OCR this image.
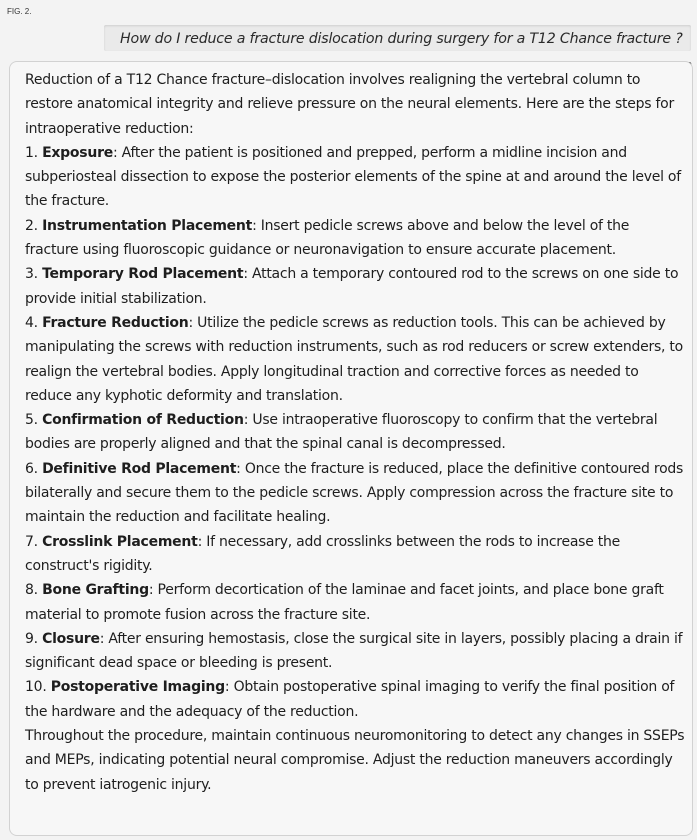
FIG. 2.
How do I reduce a fracture dislocation during surgery for a T12 Chance fracture ?

Reduction of a T12 Chance fracture–dislocation involves realigning the vertebral column to restore anatomical integrity and relieve pressure on the neural elements. Here are the steps for intraoperative reduction:

1. Exposure: After the patient is positioned and prepped, perform a midline incision and subperiosteal dissection to expose the posterior elements of the spine at and around the level of the fracture.

2. Instrumentation Placement: Insert pedicle screws above and below the level of the fracture using fluoroscopic guidance or neuronavigation to ensure accurate placement.

3. Temporary Rod Placement: Attach a temporary contoured rod to the screws on one side to provide initial stabilization.

4. Fracture Reduction: Utilize the pedicle screws as reduction tools. This can be achieved by manipulating the screws with reduction instruments, such as rod reducers or screw extenders, to realign the vertebral bodies. Apply longitudinal traction and corrective forces as needed to reduce any kyphotic deformity and translation.

5. Confirmation of Reduction: Use intraoperative fluoroscopy to confirm that the vertebral bodies are properly aligned and that the spinal canal is decompressed.

6. Definitive Rod Placement: Once the fracture is reduced, place the definitive contoured rods bilaterally and secure them to the pedicle screws. Apply compression across the fracture site to maintain the reduction and facilitate healing.

7. Crosslink Placement: If necessary, add crosslinks between the rods to increase the construct's rigidity.

8. Bone Grafting: Perform decortication of the laminae and facet joints, and place bone graft material to promote fusion across the fracture site.

9. Closure: After ensuring hemostasis, close the surgical site in layers, possibly placing a drain if significant dead space or bleeding is present.

10. Postoperative Imaging: Obtain postoperative spinal imaging to verify the final position of the hardware and the adequacy of the reduction.

Throughout the procedure, maintain continuous neuromonitoring to detect any changes in SSEPs and MEPs, indicating potential neural compromise. Adjust the reduction maneuvers accordingly to prevent iatrogenic injury.
